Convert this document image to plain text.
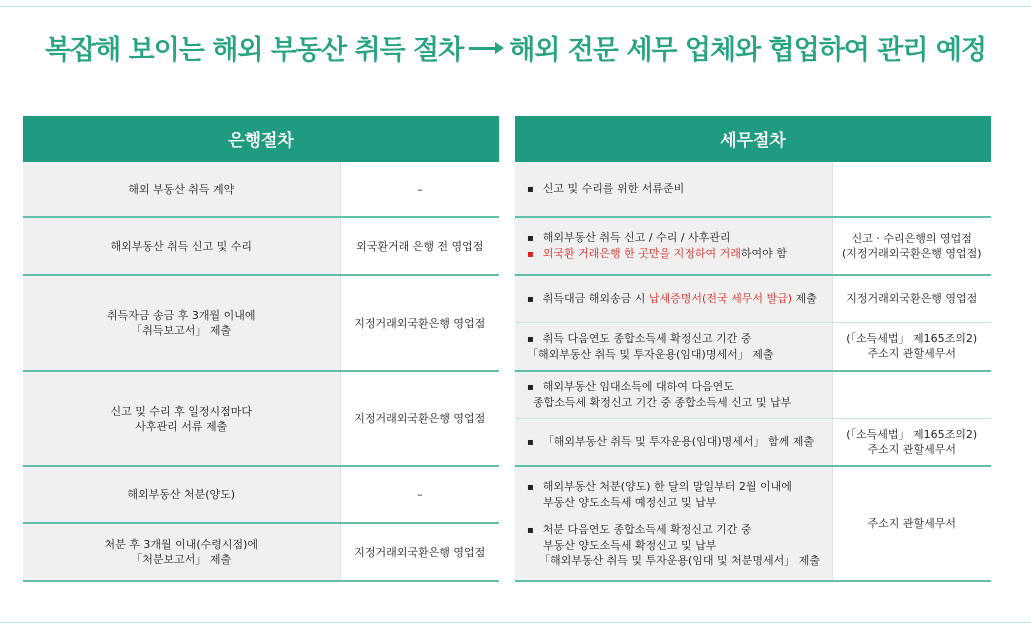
복잡해 보이는 해외 부동산 취득 절차 해외 전문 세무 업체와 협업하여 관리 예정
은행절차	

해외 부동산 취득 계약	–

해외부동산 취득 신고 및 수리	외국환거래 은행 전 영업점

취득자금 송금 후 3개월 이내에
「취득보고서」 제출	지정거래외국환은행 영업점

신고 및 수리 후 일정시점마다
사후관리 서류 제출	지정거래외국환은행 영업점

해외부동산 처분(양도)	–

처분 후 3개월 이내(수령시점)에
「처분보고서」 제출	지정거래외국환은행 영업점
세무절차	

▪ 신고 및 수리를 위한 서류준비

▪ 해외부동산 취득 신고 / 수리 / 사후관리
▪ 외국환 거래은행 한 곳만을 지정하여 거래하여야 함	신고 · 수리은행의 영업점
(지정거래외국환은행 영업점)

▪ 취득대금 해외송금 시 납세증명서(전국 세무서 발급) 제출	지정거래외국환은행 영업점

▪ 취득 다음연도 종합소득세 확정신고 기간 중
「해외부동산 취득 및 투자운용(임대)명세서」 제출	(「소득세법」 제165조의2)
주소지 관할세무서

▪ 해외부동산 임대소득에 대하여 다음연도
종합소득세 확정신고 기간 중 종합소득세 신고 및 납부

▪ 「해외부동산 취득 및 투자운용(임대)명세서」 함께 제출	(「소득세법」 제165조의2)
주소지 관할세무서

▪ 해외부동산 처분(양도) 한 달의 말일부터 2월 이내에
부동산 양도소득세 예정신고 및 납부
▪ 처분 다음연도 종합소득세 확정신고 기간 중
부동산 양도소득세 확정신고 및 납부
「해외부동산 취득 및 투자운용(임대 및 처분명세서」 제출	주소지 관할세무서
